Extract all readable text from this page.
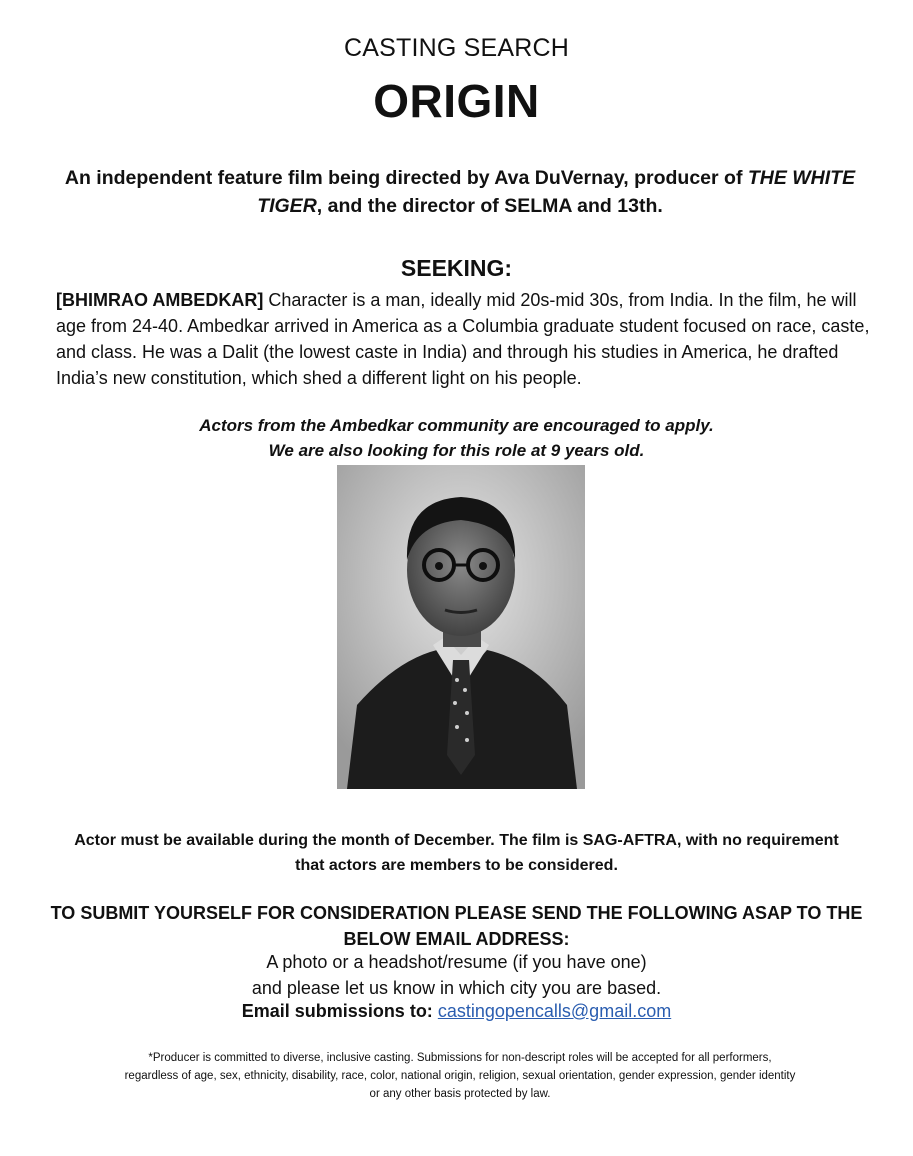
CASTING SEARCH
ORIGIN
An independent feature film being directed by Ava DuVernay, producer of THE WHITE TIGER, and the director of SELMA and 13th.
SEEKING:
[BHIMRAO AMBEDKAR] Character is a man, ideally mid 20s-mid 30s, from India. In the film, he will age from 24-40. Ambedkar arrived in America as a Columbia graduate student focused on race, caste, and class. He was a Dalit (the lowest caste in India) and through his studies in America, he drafted India’s new constitution, which shed a different light on his people.
Actors from the Ambedkar community are encouraged to apply.
We are also looking for this role at 9 years old.
Actor must be available during the month of December. The film is SAG-AFTRA, with no requirement that actors are members to be considered.
TO SUBMIT YOURSELF FOR CONSIDERATION PLEASE SEND THE FOLLOWING ASAP TO THE BELOW EMAIL ADDRESS:
A photo or a headshot/resume (if you have one)
and please let us know in which city you are based.
Email submissions to: castingopencalls@gmail.com
*Producer is committed to diverse, inclusive casting. Submissions for non-descript roles will be accepted for all performers, regardless of age, sex, ethnicity, disability, race, color, national origin, religion, sexual orientation, gender expression, gender identity or any other basis protected by law.
